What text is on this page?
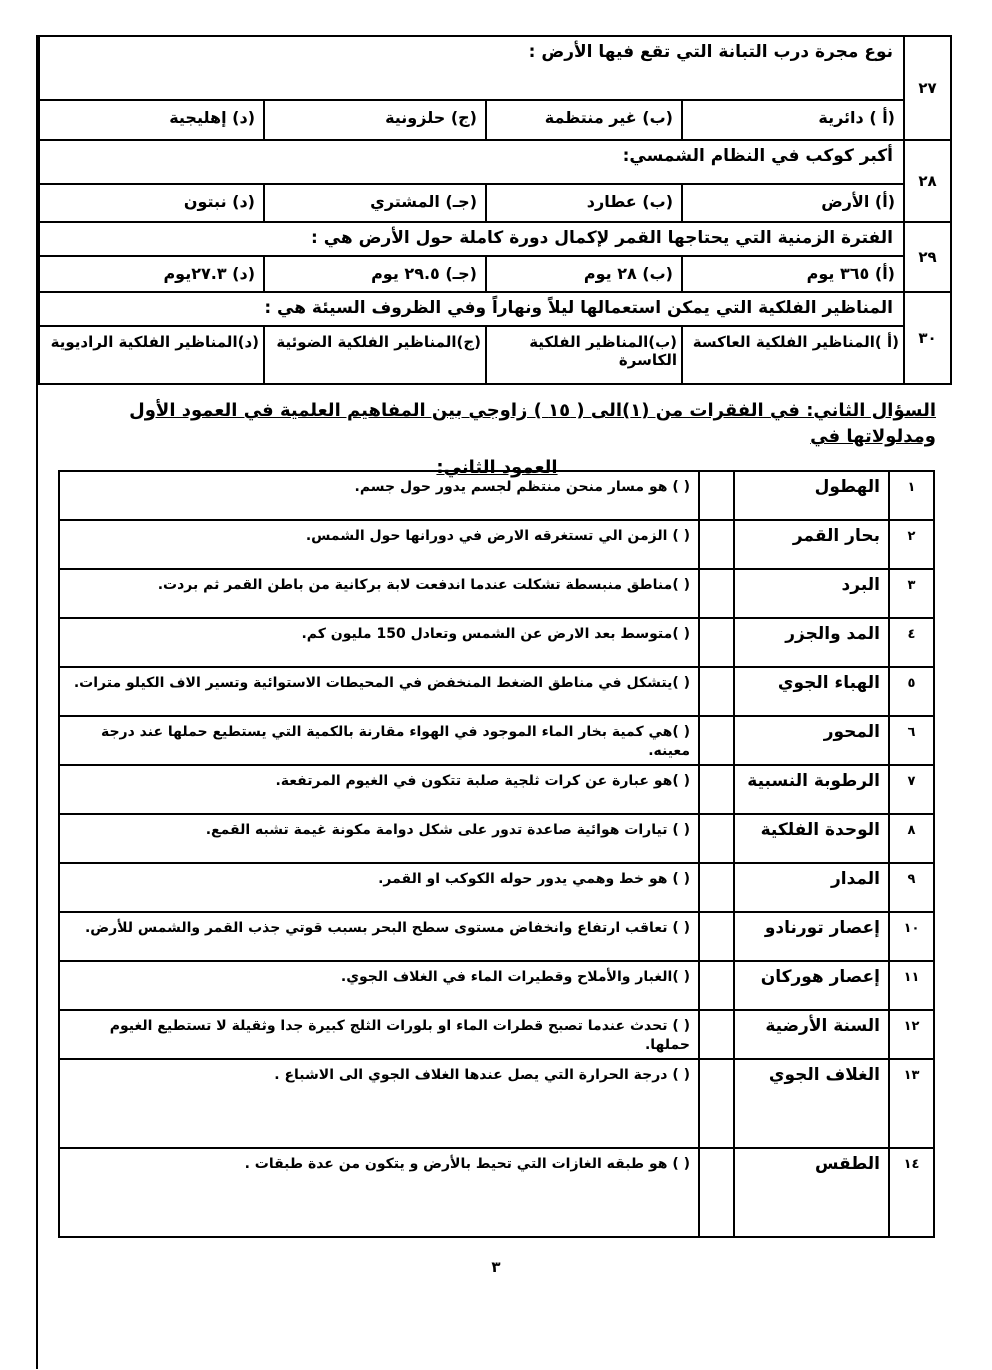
٢٧	نوع مجرة درب التبانة التي تقع فيها الأرض :			
	(أ ) دائرية	(ب) غير منتظمة	(ج) حلزونية	(د) إهليجية
٢٨	أكبر كوكب في النظام الشمسي:			
	(أ) الأرض	(ب) عطارد	(جـ) المشتري	(د) نبتون
٢٩	الفترة الزمنية التي يحتاجها القمر لإكمال دورة كاملة حول الأرض هي :			
	(أ) ٣٦٥ يوم	(ب) ٢٨ يوم	(جـ) ٢٩.٥ يوم	(د) ٢٧.٣يوم
٣٠	المناظير الفلكية التي يمكن استعمالها ليلاً ونهاراً وفي الظروف السيئة هي :			
	(أ )المناظير الفلكية العاكسة	(ب)المناظير الفلكية الكاسرة	(ج)المناظير الفلكية الضوئية	(د)المناظير الفلكية الراديوية
السؤال الثاني: في الفقرات من (١)الى ( ١٥ ) زاوجي بين المفاهيم العلمية في العمود الأول ومدلولاتها في
العمود الثاني:
١	الهطول		( ) هو مسار منحن منتظم لجسم يدور حول جسم.
٢	بحار القمر		( ) الزمن الي تستغرقه الارض في دورانها حول الشمس.
٣	البرد		( )مناطق منبسطة تشكلت عندما اندفعت لابة بركانية من باطن القمر ثم بردت.
٤	المد والجزر		( )متوسط بعد الارض عن الشمس وتعادل 150 مليون كم.
٥	الهباء الجوي		( )يتشكل في مناطق الضغط المنخفض في المحيطات الاستوائية وتسير الاف الكيلو مترات.
٦	المحور		( )هي كمية بخار الماء الموجود في الهواء مقارنة بالكمية التي يستطيع حملها عند درجة معينه.
٧	الرطوبة النسبية		( )هو عبارة عن كرات ثلجية صلبة تتكون في الغيوم المرتفعة.
٨	الوحدة الفلكية		( ) تيارات هوائية صاعدة تدور على شكل دوامة مكونة غيمة تشبه القمع.
٩	المدار		( ) هو خط وهمي يدور حوله الكوكب او القمر.
١٠	إعصار تورنادو		( ) تعاقب ارتفاع وانخفاض مستوى سطح البحر بسبب قوتي جذب القمر والشمس للأرض.
١١	إعصار هوركان		( )الغبار والأملاح وقطيرات الماء في الغلاف الجوي.
١٢	السنة الأرضية		( ) تحدث عندما تصبح قطرات الماء او بلورات الثلج كبيرة جدا وثقيلة لا تستطيع الغيوم حملها.
١٣	الغلاف الجوي		( ) درجة الحرارة التي يصل عندها الغلاف الجوي الى الاشباع .
١٤	الطقس		( ) هو طبقه الغازات التي تحيط بالأرض و يتكون من عدة طبقات .
٣
